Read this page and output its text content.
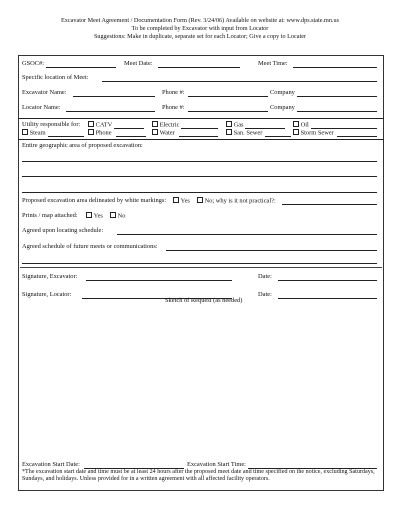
Excavator Meet Agreement / Documentation Form (Rev. 3/24/06) Available on website at: www.dps.state.mn.us
To be completed by Excavator with input from Locator
Suggestions: Make in duplicate, separate set for each Locator; Give a copy to Locater
GSOC#:	Meet Date:	Meet Time:
Specific location of Meet:
Excavator Name:	Phone #:	Company
Locator Name:	Phone #:	Company
Utility responsible for:	CATV	Electric	Gas	Oil
Steam	Phone	Water	San. Sewer	Storm Sewer
Entire geographic area of proposed excavation:
Proposed excavation area delineated by white markings:	Yes	No; why is it not practical?:
Prints / map attached:	Yes	No
Agreed upon locating schedule:
Agreed schedule of future meets or communications:
Signature, Excavator:	Date:
Signature, Locator:	Date:
Sketch of Request (as needed)
Excavation Start Date:	Excavation Start Time:
*The excavation start date and time must be at least 24 hours after the proposed meet date and time specified on the notice, excluding Saturdays, Sundays, and holidays. Unless provided for in a written agreement with all affected facility operators.
